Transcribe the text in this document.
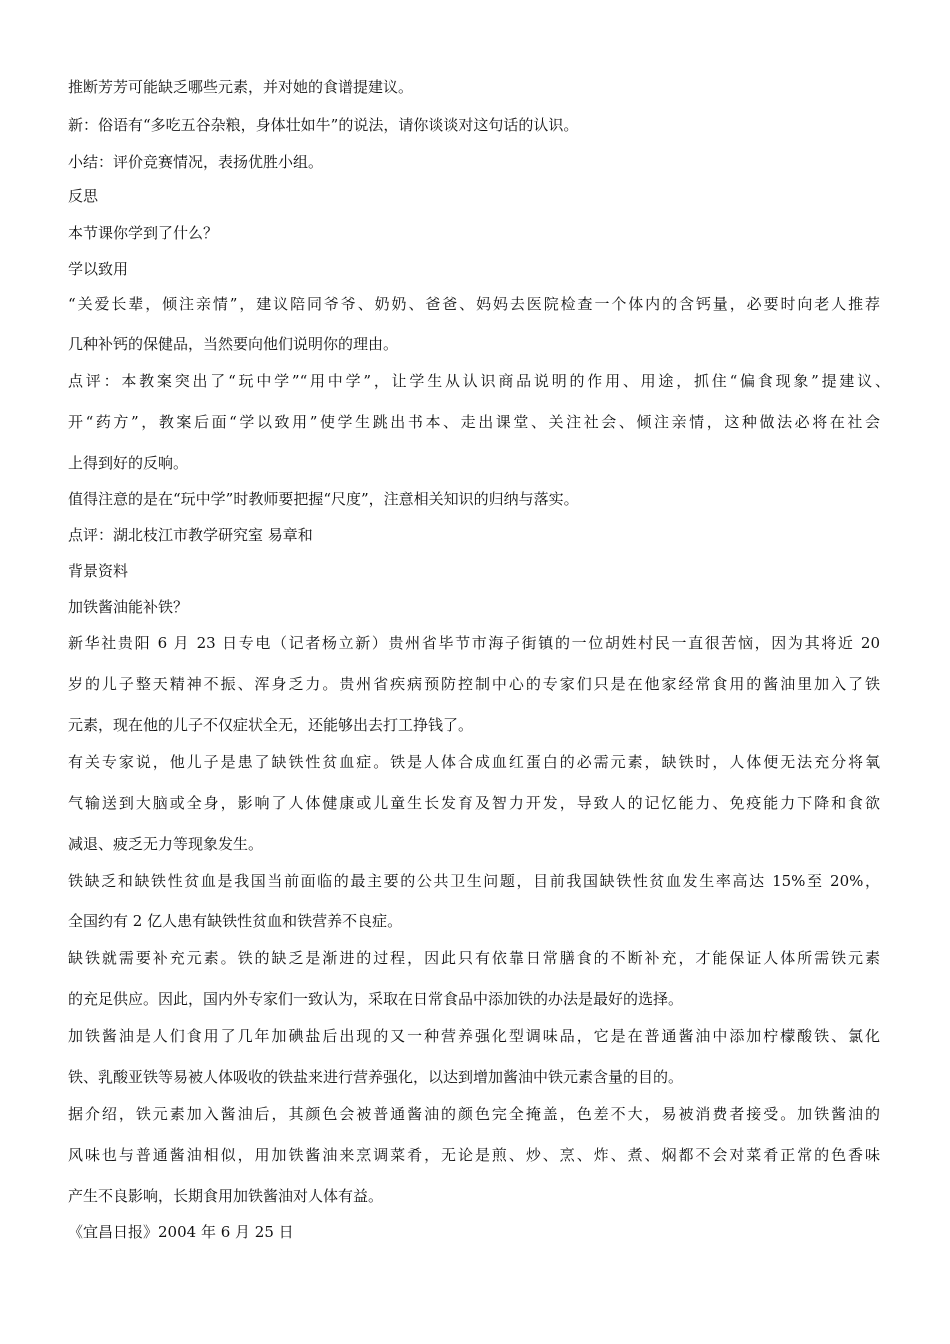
推断芳芳可能缺乏哪些元素，并对她的食谱提建议。
新：俗语有“多吃五谷杂粮，身体壮如牛”的说法，请你谈谈对这句话的认识。
小结：评价竞赛情况，表扬优胜小组。
反思
本节课你学到了什么？
学以致用
“关爱长辈，倾注亲情”，建议陪同爷爷、奶奶、爸爸、妈妈去医院检查一个体内的含钙量，必要时向老人推荐
几种补钙的保健品，当然要向他们说明你的理由。
点评：本教案突出了“玩中学”“用中学”，让学生从认识商品说明的作用、用途，抓住“偏食现象”提建议、
开“药方”，教案后面“学以致用”使学生跳出书本、走出课堂、关注社会、倾注亲情，这种做法必将在社会
上得到好的反响。
值得注意的是在“玩中学”时教师要把握“尺度”，注意相关知识的归纳与落实。
点评：湖北枝江市教学研究室 易章和
背景资料
加铁酱油能补铁？
新华社贵阳 6 月 23 日专电（记者杨立新）贵州省毕节市海子街镇的一位胡姓村民一直很苦恼，因为其将近 20
岁的儿子整天精神不振、浑身乏力。贵州省疾病预防控制中心的专家们只是在他家经常食用的酱油里加入了铁
元素，现在他的儿子不仅症状全无，还能够出去打工挣钱了。
有关专家说，他儿子是患了缺铁性贫血症。铁是人体合成血红蛋白的必需元素，缺铁时，人体便无法充分将氧
气输送到大脑或全身，影响了人体健康或儿童生长发育及智力开发，导致人的记忆能力、免疫能力下降和食欲
减退、疲乏无力等现象发生。
铁缺乏和缺铁性贫血是我国当前面临的最主要的公共卫生问题，目前我国缺铁性贫血发生率高达 15%至 20%，
全国约有 2 亿人患有缺铁性贫血和铁营养不良症。
缺铁就需要补充元素。铁的缺乏是渐进的过程，因此只有依靠日常膳食的不断补充，才能保证人体所需铁元素
的充足供应。因此，国内外专家们一致认为，采取在日常食品中添加铁的办法是最好的选择。
加铁酱油是人们食用了几年加碘盐后出现的又一种营养强化型调味品，它是在普通酱油中添加柠檬酸铁、氯化
铁、乳酸亚铁等易被人体吸收的铁盐来进行营养强化，以达到增加酱油中铁元素含量的目的。
据介绍，铁元素加入酱油后，其颜色会被普通酱油的颜色完全掩盖，色差不大，易被消费者接受。加铁酱油的
风味也与普通酱油相似，用加铁酱油来烹调菜肴，无论是煎、炒、烹、炸、煮、焖都不会对菜肴正常的色香味
产生不良影响，长期食用加铁酱油对人体有益。
《宜昌日报》2004 年 6 月 25 日
